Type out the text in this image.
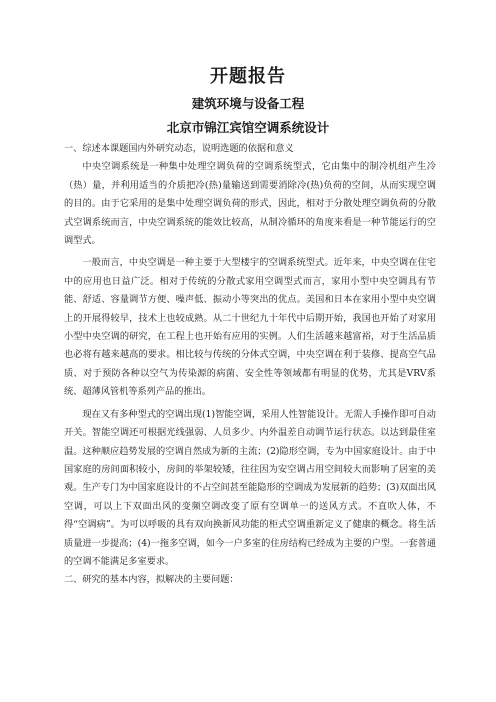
开题报告
建筑环境与设备工程
北京市锦江宾馆空调系统设计

一、综述本课题国内外研究动态，说明选题的依据和意义

中央空调系统是一种集中处理空调负荷的空调系统型式，它由集中的制冷机组产生冷（热）量，并利用适当的介质把冷(热)量输送到需要消除冷(热)负荷的空间，从而实现空调的目的。由于它采用的是集中处理空调负荷的形式，因此，相对于分散处理空调负荷的分散式空调系统而言，中央空调系统的能效比较高，从制冷循环的角度来看是一种节能运行的空调型式。

一般而言，中央空调是一种主要于大型楼宇的空调系统型式。近年来，中央空调在住宅中的应用也日益广泛。相对于传统的分散式家用空调型式而言，家用小型中央空调具有节能、舒适、容量调节方便、噪声低、振动小等突出的优点。美国和日本在家用小型中央空调上的开展得较早，技术上也较成熟。从二十世纪九十年代中后期开始，我国也开始了对家用小型中央空调的研究，在工程上也开始有应用的实例。人们生活越来越富裕，对于生活品质也必将有越来越高的要求。相比较与传统的分体式空调，中央空调在利于装修、提高空气品质、对于预防各种以空气为传染源的病菌、安全性等领域都有明显的优势，尤其是VRV系统、超薄风管机等系列产品的推出。

现在又有多种型式的空调出现(1)智能空调，采用人性智能设计。无需人手操作即可自动开关。智能空调还可根据光线强弱、人员多少、内外温差自动调节运行状态。以达到最佳室温。这种顺应趋势发展的空调自然成为新的主流；(2)隐形空调，专为中国家庭设计。由于中国家庭的房间面积较小，房间的举架较矮，往往因为安空调占用空间较大而影响了居室的美观。生产专门为中国家庭设计的不占空间甚至能隐形的空调成为发展新的趋势；(3)双面出风空调，可以上下双面出风的变频空调改变了原有空调单一的送风方式。不直吹人体，不得“空调病”。为可以呼吸的具有双向换新风功能的柜式空调重新定义了健康的概念。将生活质量进一步提高；(4)一拖多空调，如今一户多室的住房结构已经成为主要的户型。一套普通的空调不能满足多室要求。

二、研究的基本内容，拟解决的主要问题：
